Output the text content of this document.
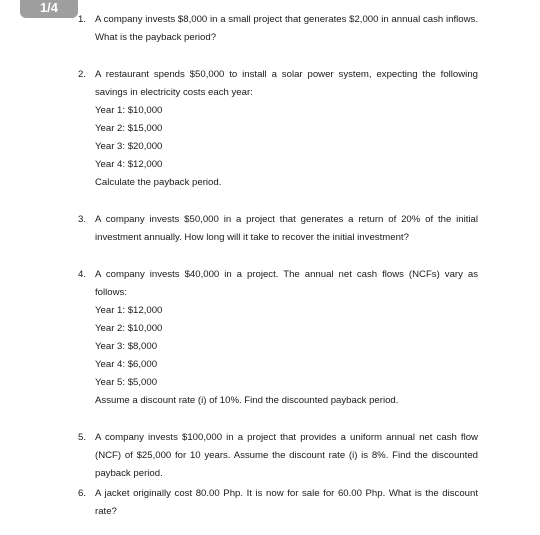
1/4
1. A company invests $8,000 in a small project that generates $2,000 in annual cash inflows. What is the payback period?
2. A restaurant spends $50,000 to install a solar power system, expecting the following savings in electricity costs each year:
Year 1: $10,000
Year 2: $15,000
Year 3: $20,000
Year 4: $12,000
Calculate the payback period.
3. A company invests $50,000 in a project that generates a return of 20% of the initial investment annually. How long will it take to recover the initial investment?
4. A company invests $40,000 in a project. The annual net cash flows (NCFs) vary as follows:
Year 1: $12,000
Year 2: $10,000
Year 3: $8,000
Year 4: $6,000
Year 5: $5,000
Assume a discount rate (i) of 10%. Find the discounted payback period.
5. A company invests $100,000 in a project that provides a uniform annual net cash flow (NCF) of $25,000 for 10 years. Assume the discount rate (i) is 8%. Find the discounted payback period.
6. A jacket originally cost 80.00 Php. It is now for sale for 60.00 Php. What is the discount rate?
